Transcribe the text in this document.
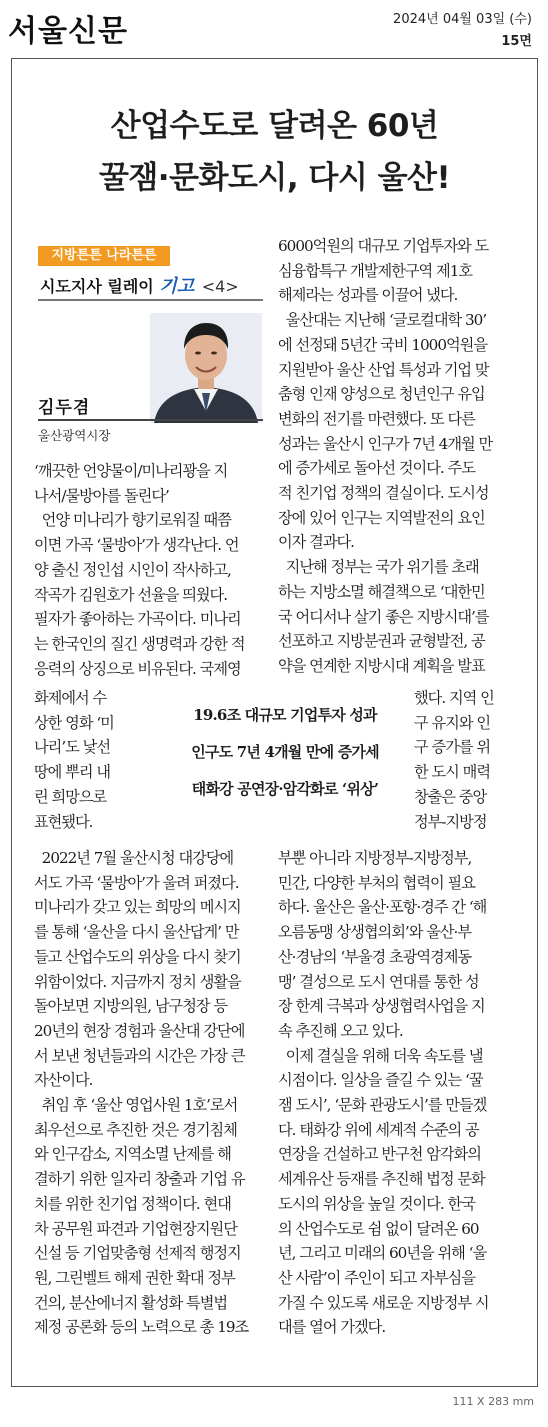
서울신문	2024년 04월 03일 (수)
15면
산업수도로 달려온 60년
꿀잼·문화도시, 다시 울산!
지방튼튼 나라튼튼
시도지사 릴레이 기고 <4>
김두겸
울산광역시장
‘깨끗한 언양물이/미나리꽝을 지
나서/물방아를 돌린다’
언양 미나리가 향기로워질 때쯤
이면 가곡 ‘물방아’가 생각난다. 언
양 출신 정인섭 시인이 작사하고,
작곡가 김원호가 선율을 띄웠다.
필자가 좋아하는 가곡이다. 미나리
는 한국인의 질긴 생명력과 강한 적
응력의 상징으로 비유된다. 국제영
화제에서 수
상한 영화 ‘미
나리’도 낯선
땅에 뿌리 내
린 희망으로
표현됐다.
2022년 7월 울산시청 대강당에
서도 가곡 ‘물방아’가 울려 퍼졌다.
미나리가 갖고 있는 희망의 메시지
를 통해 ‘울산을 다시 울산답게’ 만
들고 산업수도의 위상을 다시 찾기
위함이었다. 지금까지 정치 생활을
돌아보면 지방의원, 남구청장 등
20년의 현장 경험과 울산대 강단에
서 보낸 청년들과의 시간은 가장 큰
자산이다.
취임 후 ‘울산 영업사원 1호’로서
최우선으로 추진한 것은 경기침체
와 인구감소, 지역소멸 난제를 해
결하기 위한 일자리 창출과 기업 유
치를 위한 친기업 정책이다. 현대
차 공무원 파견과 기업현장지원단
신설 등 기업맞춤형 선제적 행정지
원, 그린벨트 해제 권한 확대 정부
건의, 분산에너지 활성화 특별법
제정 공론화 등의 노력으로 총 19조
6000억원의 대규모 기업투자와 도
심융합특구 개발제한구역 제1호
해제라는 성과를 이끌어 냈다.
울산대는 지난해 ‘글로컬대학 30’
에 선정돼 5년간 국비 1000억원을
지원받아 울산 산업 특성과 기업 맞
춤형 인재 양성으로 청년인구 유입
변화의 전기를 마련했다. 또 다른
성과는 울산시 인구가 7년 4개월 만
에 증가세로 돌아선 것이다. 주도
적 친기업 정책의 결실이다. 도시성
장에 있어 인구는 지역발전의 요인
이자 결과다.
지난해 정부는 국가 위기를 초래
하는 지방소멸 해결책으로 ‘대한민
국 어디서나 살기 좋은 지방시대’를
선포하고 지방분권과 균형발전, 공
약을 연계한 지방시대 계획을 발표
했다. 지역 인
구 유지와 인
구 증가를 위
한 도시 매력
창출은 중앙
정부-지방정
부뿐 아니라 지방정부-지방정부,
민간, 다양한 부처의 협력이 필요
하다. 울산은 울산·포항·경주 간 ‘해
오름동맹 상생협의회’와 울산·부
산·경남의 ‘부울경 초광역경제동
맹’ 결성으로 도시 연대를 통한 성
장 한계 극복과 상생협력사업을 지
속 추진해 오고 있다.
이제 결실을 위해 더욱 속도를 낼
시점이다. 일상을 즐길 수 있는 ‘꿀
잼 도시’, ‘문화 관광도시’를 만들겠
다. 태화강 위에 세계적 수준의 공
연장을 건설하고 반구천 암각화의
세계유산 등재를 추진해 법정 문화
도시의 위상을 높일 것이다. 한국
의 산업수도로 쉼 없이 달려온 60
년, 그리고 미래의 60년을 위해 ‘울
산 사람’이 주인이 되고 자부심을
가질 수 있도록 새로운 지방정부 시
대를 열어 가겠다.
19.6조 대규모 기업투자 성과
인구도 7년 4개월 만에 증가세
태화강 공연장·암각화로 ‘위상’
111 X 283 mm
